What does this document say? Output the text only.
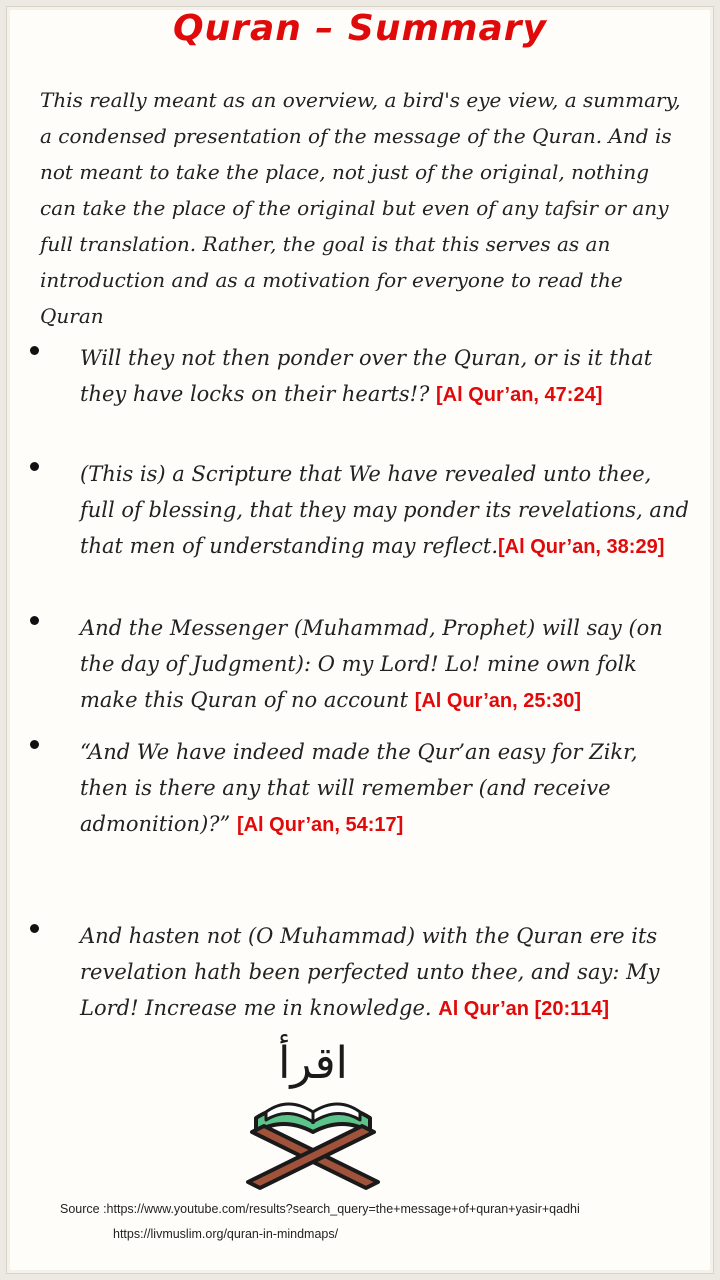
Quran – Summary
This really meant as an overview, a bird's eye view, a summary, a condensed presentation of the message of the Quran. And is not meant to take the place, not just of the original, nothing can take the place of the original but even of any tafsir or any full translation. Rather, the goal is that this serves as an introduction and as a motivation for everyone to read the Quran
Will they not then ponder over the Quran, or is it that they have locks on their hearts!? [Al Qur’an, 47:24]
(This is) a Scripture that We have revealed unto thee, full of blessing, that they may ponder its revelations, and that men of understanding may reflect.[Al Qur’an, 38:29]
And the Messenger (Muhammad, Prophet) will say (on the day of Judgment): O my Lord! Lo! mine own folk make this Quran of no account [Al Qur’an, 25:30]
“And We have indeed made the Qur’an easy for Zikr, then is there any that will remember (and receive admonition)?” [Al Qur’an, 54:17]
And hasten not (O Muhammad) with the Quran ere its revelation hath been perfected unto thee, and say: My Lord! Increase me in knowledge. Al Qur’an [20:114]
اقرأ
Source :https://www.youtube.com/results?search_query=the+message+of+quran+yasir+qadhi
https://livmuslim.org/quran-in-mindmaps/
